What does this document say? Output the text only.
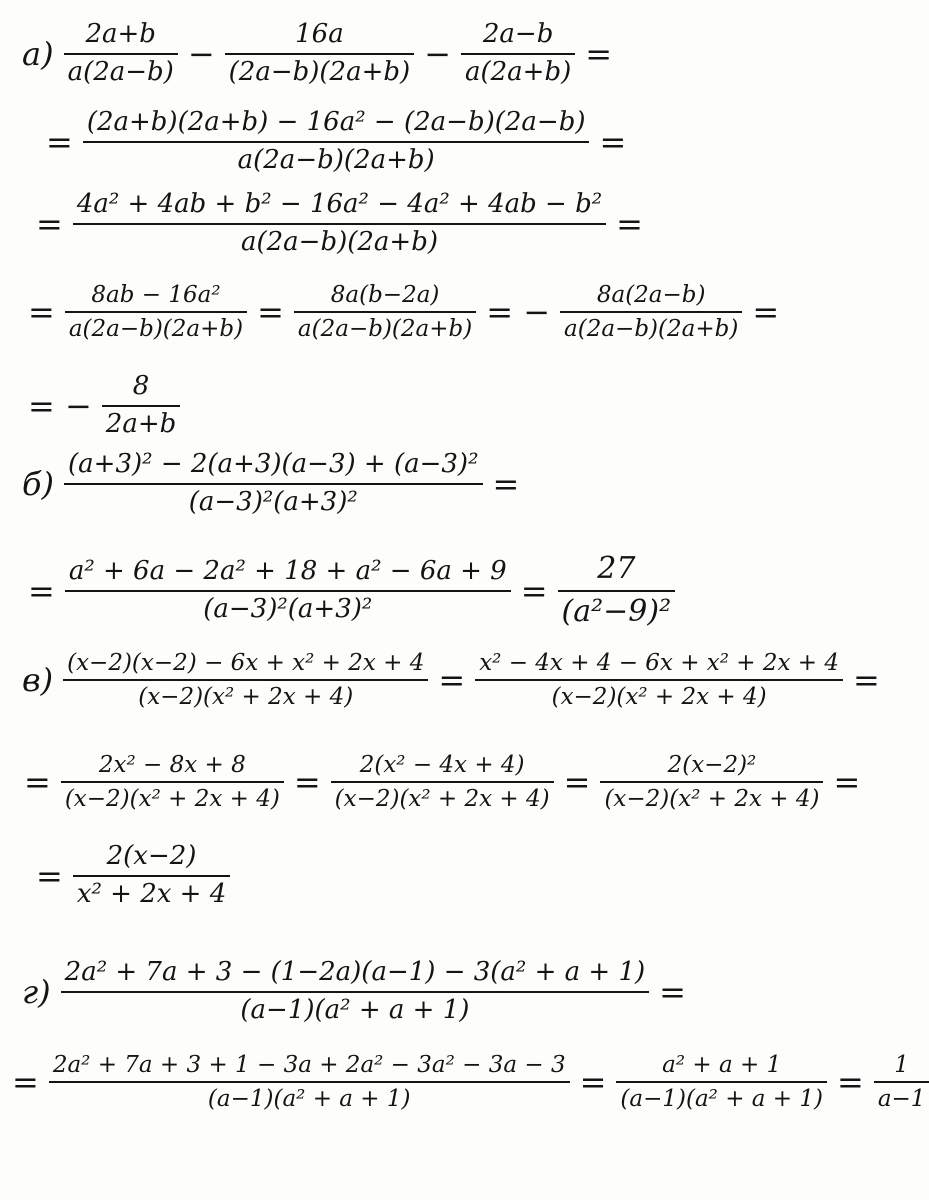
$а) \frac{2a+b}{a(2a-b)} - \frac{16a}{(2a-b)(2a+b)} - \frac{2a-b}{a(2a+b)}$ =
= $\frac{\text{(2a+b)(2a+b) − 16a² − (2a−b)(2a−b)}}{a(2a-b)(2a+b)}$ =
= $\frac{\text{4a² + 4ab + b² − 16a² − 4a² + 4ab − b²}}{a(2a-b)(2a+b)}$ =
= $\frac{\text{8ab − 16a²}}{a(2a-b)(2a+b)} = \frac{8a(b-2a)}{a(2a-b)(2a+b)}$ = − $\frac{8a(2a-b)}{a(2a-b)(2a+b)}$ =
= − $\frac{8}{2a+b}$
$б) \frac{\text{(a+3)² − 2(a+3)(a−3) + (a−3)²}}{\text{(a−3)²(a+3)²}}$ =
= $\frac{\text{a² + 6a − 2a² + 18 + a² − 6a + 9}}{\text{(a−3)²(a+3)²}} = \frac{27}{\text{(a²−9)²}}$
$в) \frac{\text{(x−2)(x−2) − 6x + x² + 2x + 4}}{\text{(x−2)(x² + 2x + 4)}} = \frac{\text{x² − 4x + 4 − 6x + x² + 2x + 4}}{\text{(x−2)(x² + 2x + 4)}}$ =
= $\frac{\text{2x² − 8x + 8}}{\text{(x−2)(x² + 2x + 4)}} = \frac{\text{2(x² − 4x + 4)}}{\text{(x−2)(x² + 2x + 4)}} = \frac{\text{2(x−2)²}}{\text{(x−2)(x² + 2x + 4)}}$ =
= $\frac{2(x-2)}{\text{x² + 2x + 4}}$
$г) \frac{\text{2a² + 7a + 3 − (1−2a)(a−1) − 3(a² + a + 1)}}{\text{(a−1)(a² + a + 1)}}$ =
= $\frac{\text{2a² + 7a + 3 + 1 − 3a + 2a² − 3a² − 3a − 3}}{\text{(a−1)(a² + a + 1)}} = \frac{\text{a² + a + 1}}{\text{(a−1)(a² + a + 1)}} = \frac{1}{a-1}$
